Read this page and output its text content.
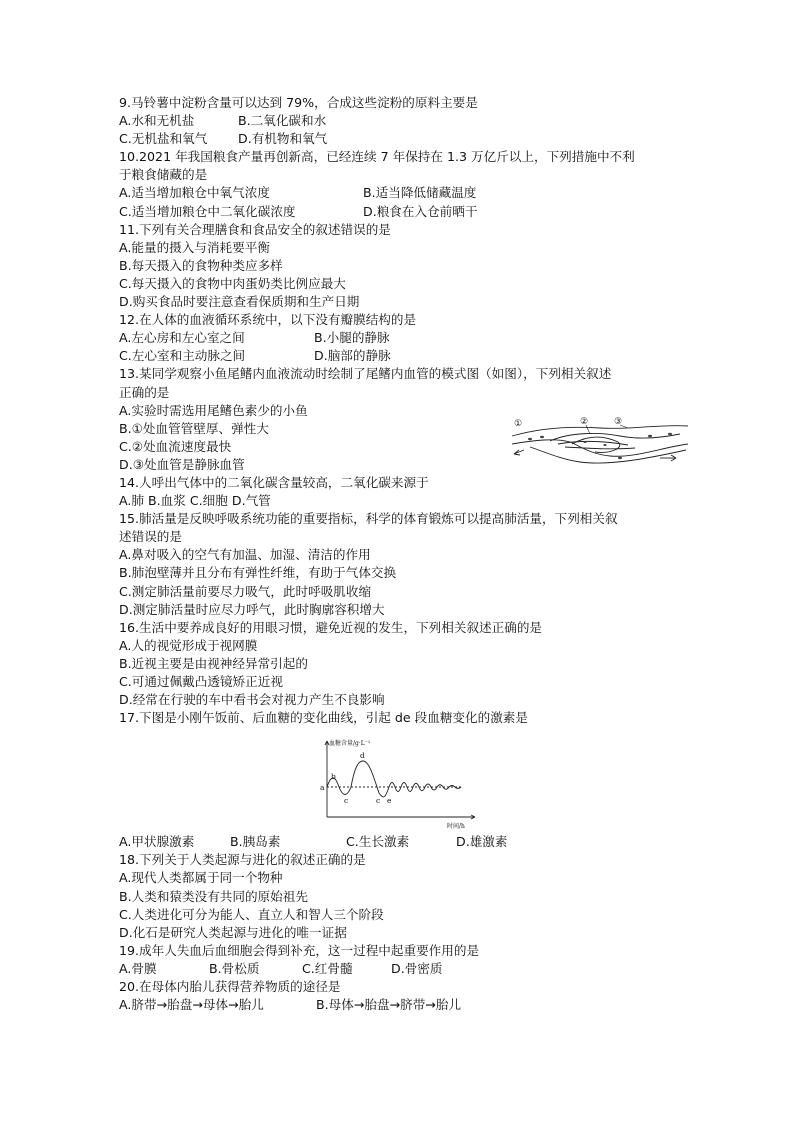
9.马铃薯中淀粉含量可以达到 79%，合成这些淀粉的原料主要是
A.水和无机盐	B.二氧化碳和水
C.无机盐和氧气	D.有机物和氧气
10.2021 年我国粮食产量再创新高，已经连续 7 年保持在 1.3 万亿斤以上，下列措施中不利
于粮食储藏的是
A.适当增加粮仓中氧气浓度	B.适当降低储藏温度
C.适当增加粮仓中二氧化碳浓度	D.粮食在入仓前晒干
11.下列有关合理膳食和食品安全的叙述错误的是
A.能量的摄入与消耗要平衡
B.每天摄入的食物种类应多样
C.每天摄入的食物中肉蛋奶类比例应最大
D.购买食品时要注意查看保质期和生产日期
12.在人体的血液循环系统中，以下没有瓣膜结构的是
A.左心房和左心室之间	B.小腿的静脉
C.左心室和主动脉之间	D.脑部的静脉
13.某同学观察小鱼尾鳍内血液流动时绘制了尾鳍内血管的模式图（如图），下列相关叙述
正确的是
A.实验时需选用尾鳍色素少的小鱼
B.①处血管管壁厚、弹性大
C.②处血流速度最快
D.③处血管是静脉血管
14.人呼出气体中的二氧化碳含量较高，二氧化碳来源于
A.肺 B.血浆 C.细胞 D.气管
15.肺活量是反映呼吸系统功能的重要指标，科学的体育锻炼可以提高肺活量，下列相关叙
述错误的是
A.鼻对吸入的空气有加温、加湿、清洁的作用
B.肺泡壁薄并且分布有弹性纤维，有助于气体交换
C.测定肺活量前要尽力吸气，此时呼吸肌收缩
D.测定肺活量时应尽力呼气，此时胸廓容积增大
16.生活中要养成良好的用眼习惯，避免近视的发生，下列相关叙述正确的是
A.人的视觉形成于视网膜
B.近视主要是由视神经异常引起的
C.可通过佩戴凸透镜矫正近视
D.经常在行驶的车中看书会对视力产生不良影响
17.下图是小刚午饭前、后血糖的变化曲线，引起 de 段血糖变化的激素是
A.甲状腺激素	B.胰岛素	C.生长激素	D.雄激素
18.下列关于人类起源与进化的叙述正确的是
A.现代人类都属于同一个物种
B.人类和猿类没有共同的原始祖先
C.人类进化可分为能人、直立人和智人三个阶段
D.化石是研究人类起源与进化的唯一证据
19.成年人失血后血细胞会得到补充，这一过程中起重要作用的是
A.骨膜	B.骨松质	C.红骨髓	D.骨密质
20.在母体内胎儿获得营养物质的途径是
A.脐带→胎盘→母体→胎儿	B.母体→胎盘→脐带→胎儿
①	②	③
血糖含量/g·L⁻¹
时间/h
a
b
c
d
c e
